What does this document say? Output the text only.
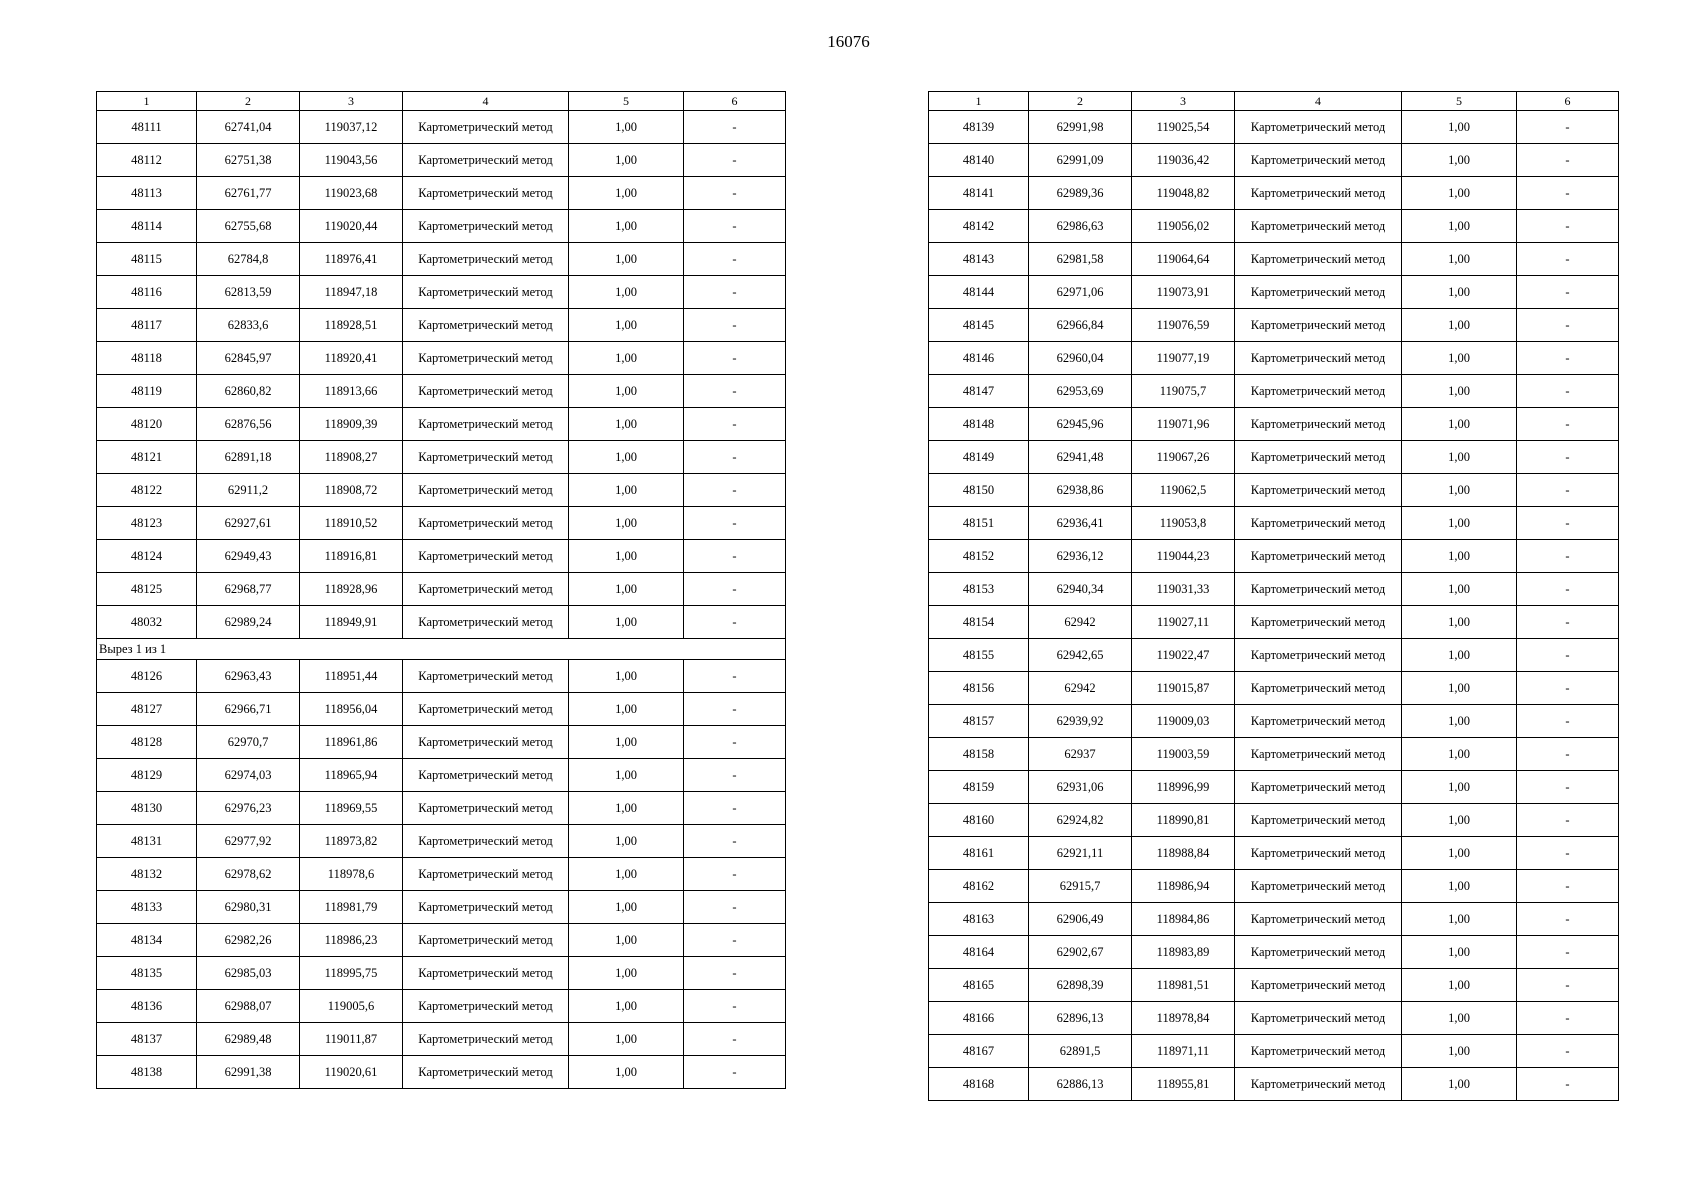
16076
1	2	3	4	5	6
48111	62741,04	119037,12	Картометрический метод	1,00	-
48112	62751,38	119043,56	Картометрический метод	1,00	-
48113	62761,77	119023,68	Картометрический метод	1,00	-
48114	62755,68	119020,44	Картометрический метод	1,00	-
48115	62784,8	118976,41	Картометрический метод	1,00	-
48116	62813,59	118947,18	Картометрический метод	1,00	-
48117	62833,6	118928,51	Картометрический метод	1,00	-
48118	62845,97	118920,41	Картометрический метод	1,00	-
48119	62860,82	118913,66	Картометрический метод	1,00	-
48120	62876,56	118909,39	Картометрический метод	1,00	-
48121	62891,18	118908,27	Картометрический метод	1,00	-
48122	62911,2	118908,72	Картометрический метод	1,00	-
48123	62927,61	118910,52	Картометрический метод	1,00	-
48124	62949,43	118916,81	Картометрический метод	1,00	-
48125	62968,77	118928,96	Картометрический метод	1,00	-
48032	62989,24	118949,91	Картометрический метод	1,00	-
Вырез 1 из 1					
48126	62963,43	118951,44	Картометрический метод	1,00	-
48127	62966,71	118956,04	Картометрический метод	1,00	-
48128	62970,7	118961,86	Картометрический метод	1,00	-
48129	62974,03	118965,94	Картометрический метод	1,00	-
48130	62976,23	118969,55	Картометрический метод	1,00	-
48131	62977,92	118973,82	Картометрический метод	1,00	-
48132	62978,62	118978,6	Картометрический метод	1,00	-
48133	62980,31	118981,79	Картометрический метод	1,00	-
48134	62982,26	118986,23	Картометрический метод	1,00	-
48135	62985,03	118995,75	Картометрический метод	1,00	-
48136	62988,07	119005,6	Картометрический метод	1,00	-
48137	62989,48	119011,87	Картометрический метод	1,00	-
48138	62991,38	119020,61	Картометрический метод	1,00	-
1	2	3	4	5	6
48139	62991,98	119025,54	Картометрический метод	1,00	-
48140	62991,09	119036,42	Картометрический метод	1,00	-
48141	62989,36	119048,82	Картометрический метод	1,00	-
48142	62986,63	119056,02	Картометрический метод	1,00	-
48143	62981,58	119064,64	Картометрический метод	1,00	-
48144	62971,06	119073,91	Картометрический метод	1,00	-
48145	62966,84	119076,59	Картометрический метод	1,00	-
48146	62960,04	119077,19	Картометрический метод	1,00	-
48147	62953,69	119075,7	Картометрический метод	1,00	-
48148	62945,96	119071,96	Картометрический метод	1,00	-
48149	62941,48	119067,26	Картометрический метод	1,00	-
48150	62938,86	119062,5	Картометрический метод	1,00	-
48151	62936,41	119053,8	Картометрический метод	1,00	-
48152	62936,12	119044,23	Картометрический метод	1,00	-
48153	62940,34	119031,33	Картометрический метод	1,00	-
48154	62942	119027,11	Картометрический метод	1,00	-
48155	62942,65	119022,47	Картометрический метод	1,00	-
48156	62942	119015,87	Картометрический метод	1,00	-
48157	62939,92	119009,03	Картометрический метод	1,00	-
48158	62937	119003,59	Картометрический метод	1,00	-
48159	62931,06	118996,99	Картометрический метод	1,00	-
48160	62924,82	118990,81	Картометрический метод	1,00	-
48161	62921,11	118988,84	Картометрический метод	1,00	-
48162	62915,7	118986,94	Картометрический метод	1,00	-
48163	62906,49	118984,86	Картометрический метод	1,00	-
48164	62902,67	118983,89	Картометрический метод	1,00	-
48165	62898,39	118981,51	Картометрический метод	1,00	-
48166	62896,13	118978,84	Картометрический метод	1,00	-
48167	62891,5	118971,11	Картометрический метод	1,00	-
48168	62886,13	118955,81	Картометрический метод	1,00	-
